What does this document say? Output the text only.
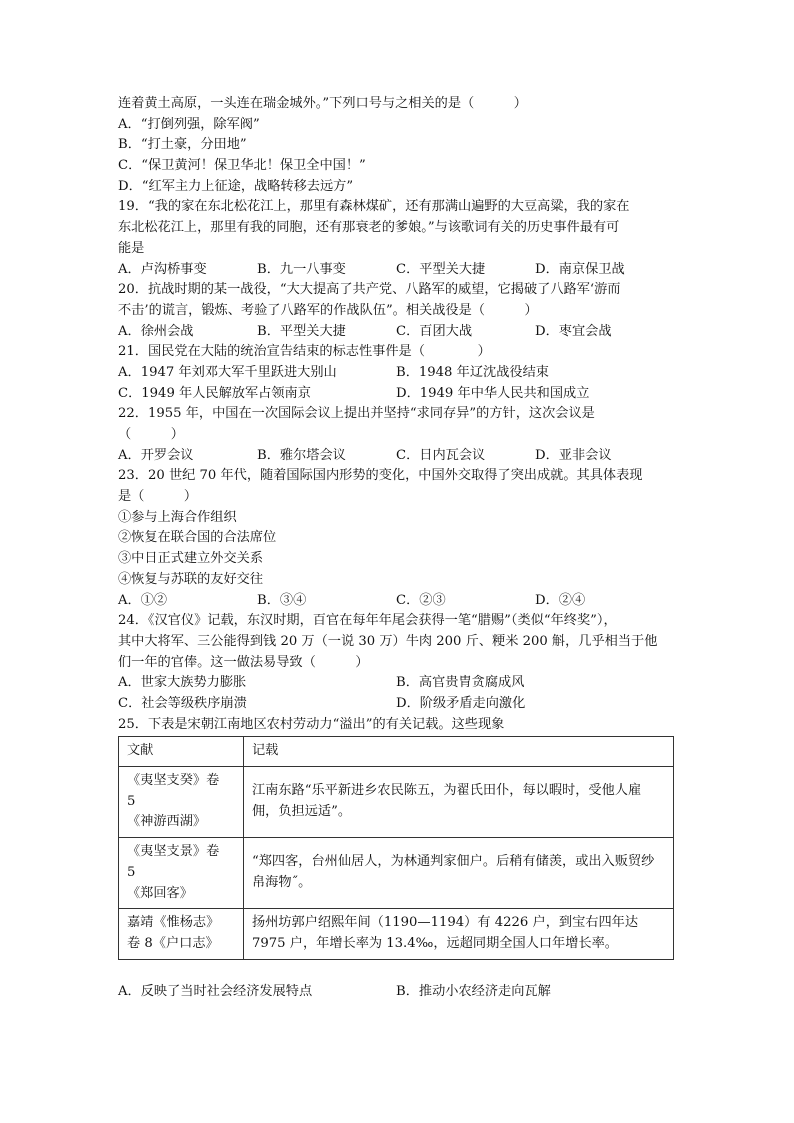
连着黄土高原，一头连在瑞金城外。”下列口号与之相关的是（　　　）
A．“打倒列强，除军阀”
B．“打土豪，分田地”
C．“保卫黄河！保卫华北！保卫全中国！”
D．“红军主力上征途，战略转移去远方”
19．“我的家在东北松花江上，那里有森林煤矿，还有那满山遍野的大豆高粱，我的家在
东北松花江上，那里有我的同胞，还有那衰老的爹娘。”与该歌词有关的历史事件最有可
能是
A．卢沟桥事变	B．九一八事变	C．平型关大捷	D．南京保卫战
20．抗战时期的某一战役，“大大提高了共产党、八路军的威望，它揭破了八路军‘游而
不击’的谎言，锻炼、考验了八路军的作战队伍”。相关战役是（　　　）
A．徐州会战	B．平型关大捷	C．百团大战	D．枣宜会战
21．国民党在大陆的统治宣告结束的标志性事件是（　　　　）
A．1947 年刘邓大军千里跃进大别山	B．1948 年辽沈战役结束
C．1949 年人民解放军占领南京	D．1949 年中华人民共和国成立
22．1955 年，中国在一次国际会议上提出并坚持“求同存异”的方针，这次会议是
（　　　）
A．开罗会议	B．雅尔塔会议	C．日内瓦会议	D．亚非会议
23．20 世纪 70 年代，随着国际国内形势的变化，中国外交取得了突出成就。其具体表现
是（　　　）
①参与上海合作组织
②恢复在联合国的合法席位
③中日正式建立外交关系
④恢复与苏联的友好交往
A．①②	B．③④	C．②③	D．②④
24．《汉官仪》记载，东汉时期，百官在每年年尾会获得一笔“腊赐”（类似“年终奖”），
其中大将军、三公能得到钱 20 万（一说 30 万）牛肉 200 斤、粳米 200 斛，几乎相当于他
们一年的官俸。这一做法易导致（　　　）
A．世家大族势力膨胀	B．高官贵胄贪腐成风
C．社会等级秩序崩溃	D．阶级矛盾走向激化
25．下表是宋朝江南地区农村劳动力“溢出”的有关记载。这些现象
文献	记载

《夷坚支癸》卷
5
《神游西湖》	江南东路“乐平新进乡农民陈五，为翟氏田仆，每以暇时，受他人雇佣，负担远适”。

《夷坚支景》卷
5
《郑回客》	“郑四客，台州仙居人，为林通判家佃户。后稍有储羡，或出入贩贸纱帛海物˝。

嘉靖《惟杨志》
卷 8《户口志》	扬州坊郭户绍熙年间（1190—1194）有 4226 户，到宝右四年达 7975 户，年增长率为 13.4‰，远超同期全国人口年增长率。
A．反映了当时社会经济发展特点	B．推动小农经济走向瓦解
